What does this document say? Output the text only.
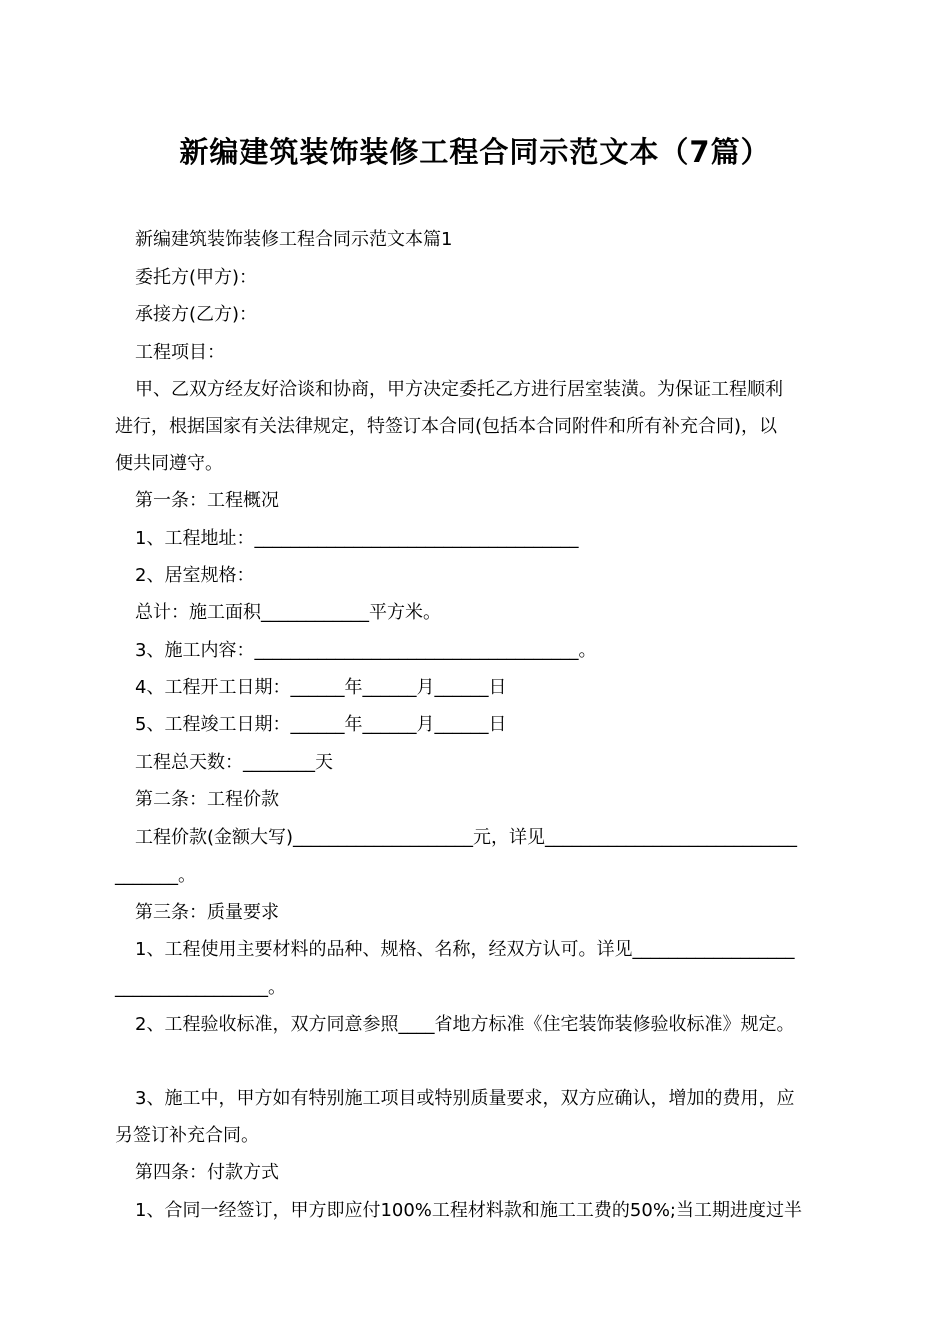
新编建筑装饰装修工程合同示范文本（7篇）
新编建筑装饰装修工程合同示范文本篇1
委托方(甲方)：
承接方(乙方)：
工程项目：
甲、乙双方经友好洽谈和协商，甲方决定委托乙方进行居室装潢。为保证工程顺利
进行，根据国家有关法律规定，特签订本合同(包括本合同附件和所有补充合同)，以
便共同遵守。
第一条：工程概况
1、工程地址：____________________________________
2、居室规格：
总计：施工面积____________平方米。
3、施工内容：____________________________________。
4、工程开工日期：______年______月______日
5、工程竣工日期：______年______月______日
工程总天数：________天
第二条：工程价款
工程价款(金额大写)____________________元，详见____________________________
_______。
第三条：质量要求
1、工程使用主要材料的品种、规格、名称，经双方认可。详见__________________
_________________。
2、工程验收标准，双方同意参照____省地方标准《住宅装饰装修验收标准》规定。
3、施工中，甲方如有特别施工项目或特别质量要求，双方应确认，增加的费用，应
另签订补充合同。
第四条：付款方式
1、合同一经签订，甲方即应付100%工程材料款和施工工费的50%;当工期进度过半
